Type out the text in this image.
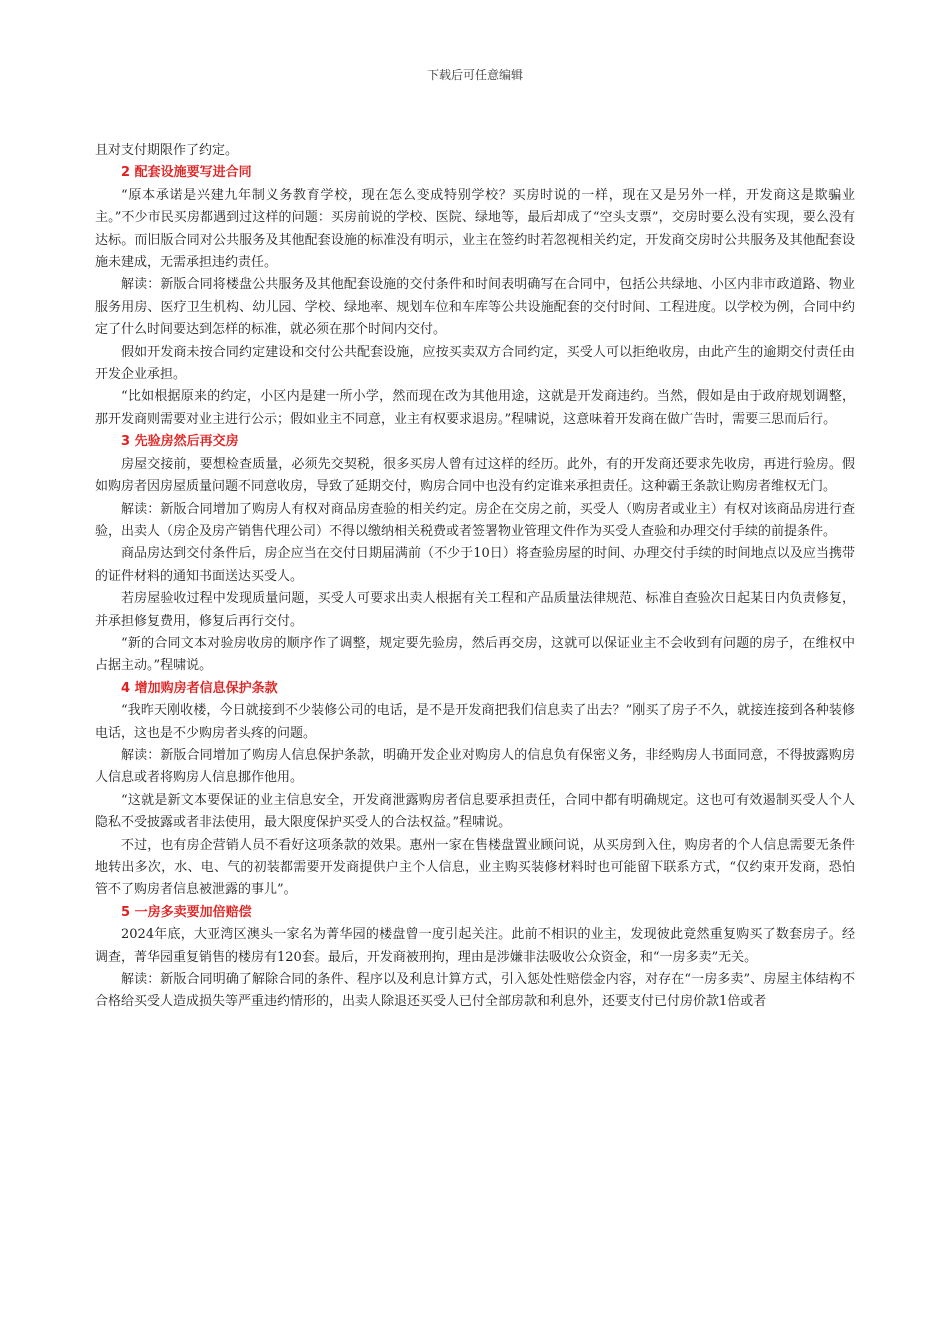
下载后可任意编辑

且对支付期限作了约定。

2 配套设施要写进合同

“原本承诺是兴建九年制义务教育学校，现在怎么变成特别学校？买房时说的一样，现在又是另外一样，开发商这是欺骗业主。”不少市民买房都遇到过这样的问题：买房前说的学校、医院、绿地等，最后却成了“空头支票”，交房时要么没有实现，要么没有达标。而旧版合同对公共服务及其他配套设施的标准没有明示，业主在签约时若忽视相关约定，开发商交房时公共服务及其他配套设施未建成，无需承担违约责任。

解读：新版合同将楼盘公共服务及其他配套设施的交付条件和时间表明确写在合同中，包括公共绿地、小区内非市政道路、物业服务用房、医疗卫生机构、幼儿园、学校、绿地率、规划车位和车库等公共设施配套的交付时间、工程进度。以学校为例，合同中约定了什么时间要达到怎样的标准，就必须在那个时间内交付。

假如开发商未按合同约定建设和交付公共配套设施，应按买卖双方合同约定，买受人可以拒绝收房，由此产生的逾期交付责任由开发企业承担。

“比如根据原来的约定，小区内是建一所小学，然而现在改为其他用途，这就是开发商违约。当然，假如是由于政府规划调整，那开发商则需要对业主进行公示；假如业主不同意，业主有权要求退房。”程啸说，这意味着开发商在做广告时，需要三思而后行。

3 先验房然后再交房

房屋交接前，要想检查质量，必须先交契税，很多买房人曾有过这样的经历。此外，有的开发商还要求先收房，再进行验房。假如购房者因房屋质量问题不同意收房，导致了延期交付，购房合同中也没有约定谁来承担责任。这种霸王条款让购房者维权无门。

解读：新版合同增加了购房人有权对商品房查验的相关约定。房企在交房之前，买受人（购房者或业主）有权对该商品房进行查验，出卖人（房企及房产销售代理公司）不得以缴纳相关税费或者签署物业管理文件作为买受人查验和办理交付手续的前提条件。

商品房达到交付条件后，房企应当在交付日期届满前（不少于10日）将查验房屋的时间、办理交付手续的时间地点以及应当携带的证件材料的通知书面送达买受人。

若房屋验收过程中发现质量问题，买受人可要求出卖人根据有关工程和产品质量法律规范、标准自查验次日起某日内负责修复，并承担修复费用，修复后再行交付。

“新的合同文本对验房收房的顺序作了调整，规定要先验房，然后再交房，这就可以保证业主不会收到有问题的房子，在维权中占据主动。”程啸说。

4 增加购房者信息保护条款

“我昨天刚收楼，今日就接到不少装修公司的电话，是不是开发商把我们信息卖了出去？”刚买了房子不久，就接连接到各种装修电话，这也是不少购房者头疼的问题。

解读：新版合同增加了购房人信息保护条款，明确开发企业对购房人的信息负有保密义务，非经购房人书面同意，不得披露购房人信息或者将购房人信息挪作他用。

“这就是新文本要保证的业主信息安全，开发商泄露购房者信息要承担责任，合同中都有明确规定。这也可有效遏制买受人个人隐私不受披露或者非法使用，最大限度保护买受人的合法权益。”程啸说。

不过，也有房企营销人员不看好这项条款的效果。惠州一家在售楼盘置业顾问说，从买房到入住，购房者的个人信息需要无条件地转出多次，水、电、气的初装都需要开发商提供户主个人信息，业主购买装修材料时也可能留下联系方式，“仅约束开发商，恐怕管不了购房者信息被泄露的事儿”。

5 一房多卖要加倍赔偿

2024年底，大亚湾区澳头一家名为菁华园的楼盘曾一度引起关注。此前不相识的业主，发现彼此竟然重复购买了数套房子。经调查，菁华园重复销售的楼房有120套。最后，开发商被刑拘，理由是涉嫌非法吸收公众资金，和“一房多卖”无关。

解读：新版合同明确了解除合同的条件、程序以及利息计算方式，引入惩处性赔偿金内容，对存在“一房多卖”、房屋主体结构不合格给买受人造成损失等严重违约情形的，出卖人除退还买受人已付全部房款和利息外，还要支付已付房价款1倍或者
